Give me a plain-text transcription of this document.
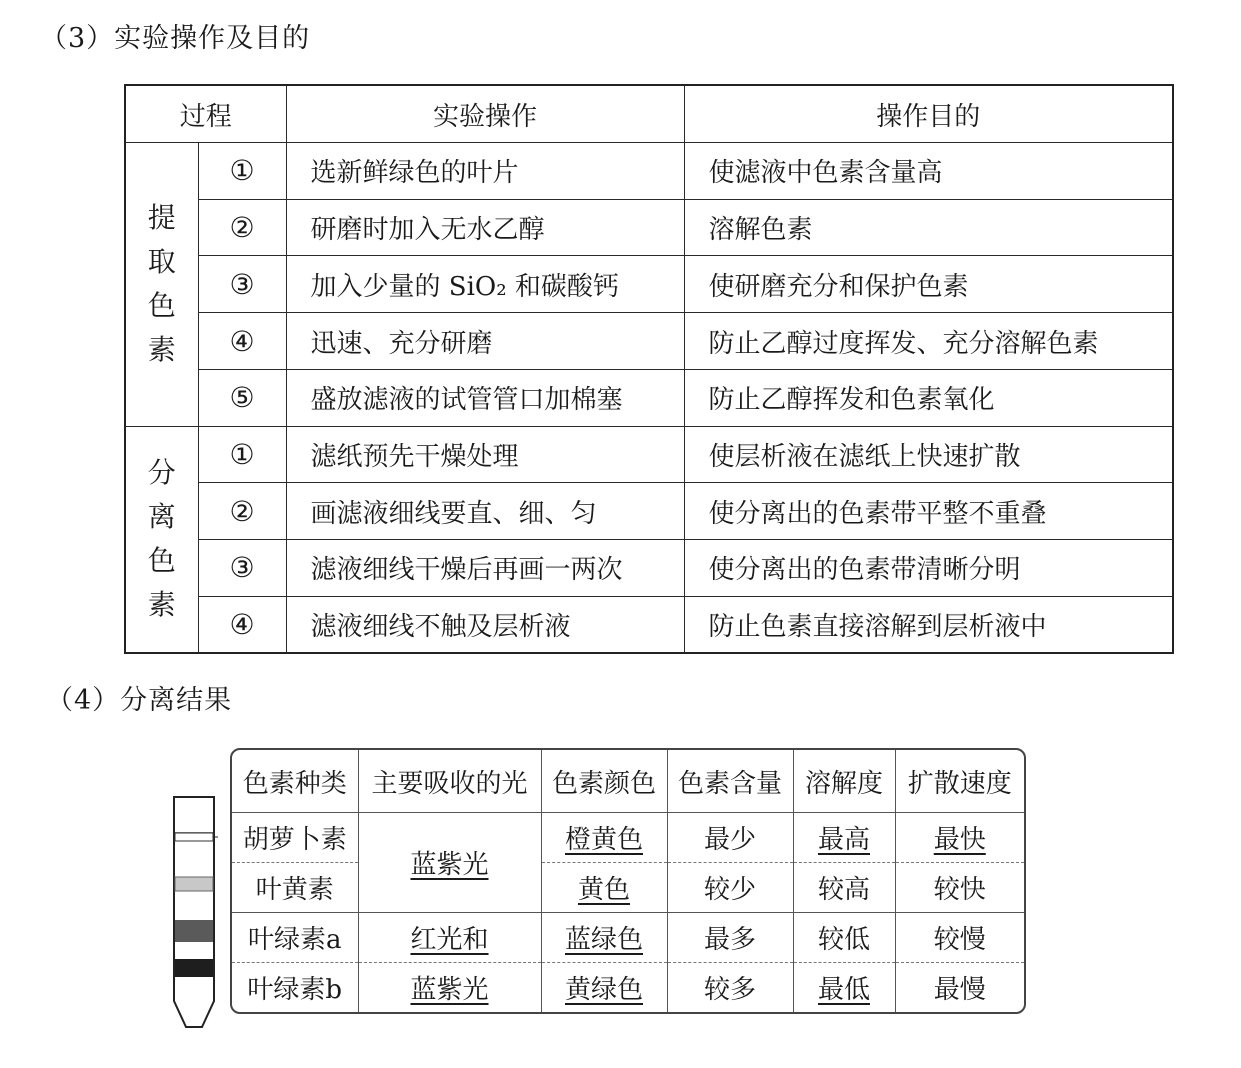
（3）实验操作及目的
过程		实验操作	操作目的
提取色素	①	选新鲜绿色的叶片	使滤液中色素含量高
	②	研磨时加入无水乙醇	溶解色素
	③	加入少量的 SiO₂ 和碳酸钙	使研磨充分和保护色素
	④	迅速、充分研磨	防止乙醇过度挥发、充分溶解色素
	⑤	盛放滤液的试管管口加棉塞	防止乙醇挥发和色素氧化
分离色素	①	滤纸预先干燥处理	使层析液在滤纸上快速扩散
	②	画滤液细线要直、细、匀	使分离出的色素带平整不重叠
	③	滤液细线干燥后再画一两次	使分离出的色素带清晰分明
	④	滤液细线不触及层析液	防止色素直接溶解到层析液中
（4）分离结果
色素种类	主要吸收的光	色素颜色	色素含量	溶解度	扩散速度
胡萝卜素	蓝紫光	橙黄色	最少	最高	最快
叶黄素		黄色	较少	较高	较快
叶绿素a	红光和	蓝绿色	最多	较低	较慢
叶绿素b	蓝紫光	黄绿色	较多	最低	最慢
